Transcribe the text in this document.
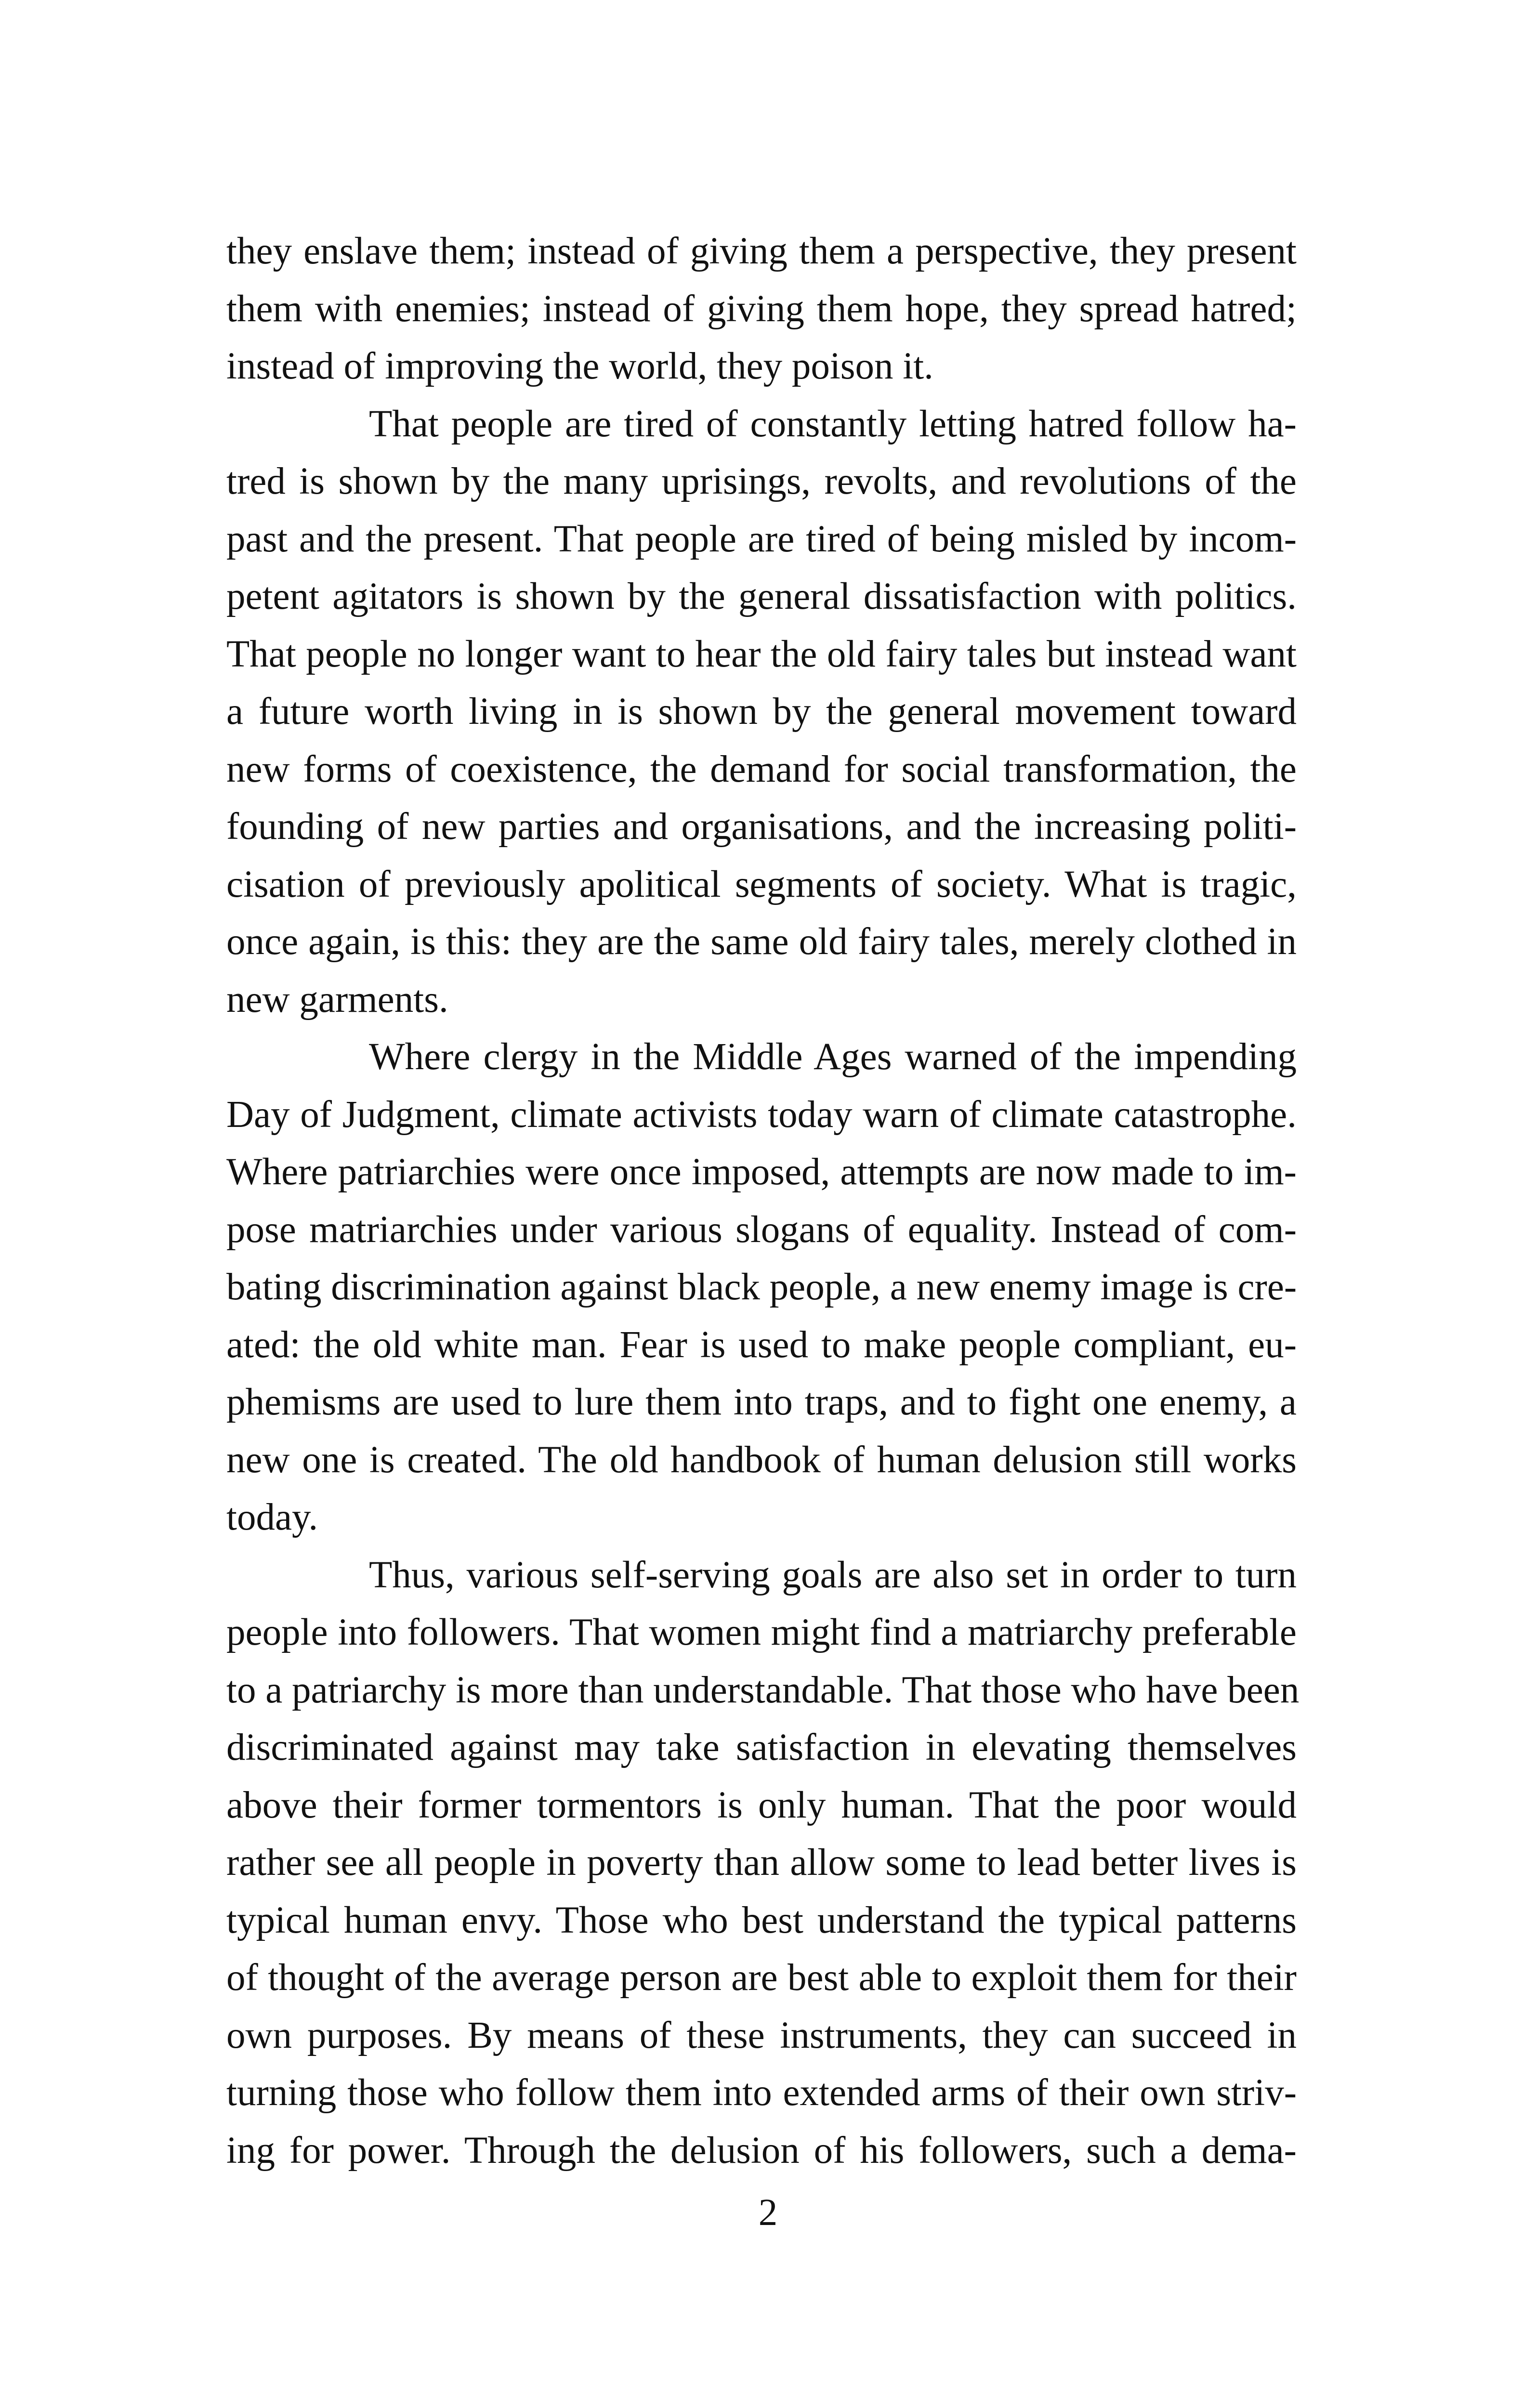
they enslave them; instead of giving them a perspective, they present
them with enemies; instead of giving them hope, they spread hatred;
instead of improving the world, they poison it.
That people are tired of constantly letting hatred follow ha-
tred is shown by the many uprisings, revolts, and revolutions of the
past and the present. That people are tired of being misled by incom-
petent agitators is shown by the general dissatisfaction with politics.
That people no longer want to hear the old fairy tales but instead want
a future worth living in is shown by the general movement toward
new forms of coexistence, the demand for social transformation, the
founding of new parties and organisations, and the increasing politi-
cisation of previously apolitical segments of society. What is tragic,
once again, is this: they are the same old fairy tales, merely clothed in
new garments.
Where clergy in the Middle Ages warned of the impending
Day of Judgment, climate activists today warn of climate catastrophe.
Where patriarchies were once imposed, attempts are now made to im-
pose matriarchies under various slogans of equality. Instead of com-
bating discrimination against black people, a new enemy image is cre-
ated: the old white man. Fear is used to make people compliant, eu-
phemisms are used to lure them into traps, and to fight one enemy, a
new one is created. The old handbook of human delusion still works
today.
Thus, various self-serving goals are also set in order to turn
people into followers. That women might find a matriarchy preferable
to a patriarchy is more than understandable. That those who have been
discriminated against may take satisfaction in elevating themselves
above their former tormentors is only human. That the poor would
rather see all people in poverty than allow some to lead better lives is
typical human envy. Those who best understand the typical patterns
of thought of the average person are best able to exploit them for their
own purposes. By means of these instruments, they can succeed in
turning those who follow them into extended arms of their own striv-
ing for power. Through the delusion of his followers, such a dema-
2
